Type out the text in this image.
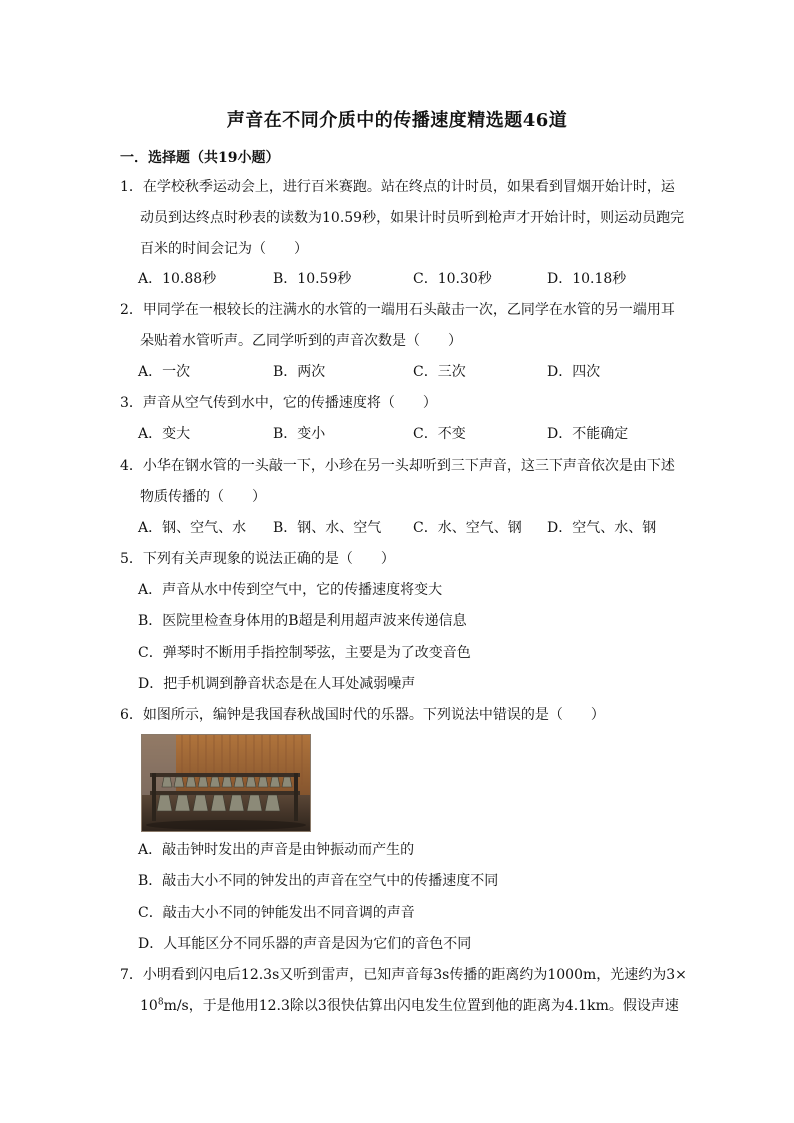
声音在不同介质中的传播速度精选题46道
一．选择题（共19小题）
1．在学校秋季运动会上，进行百米赛跑。站在终点的计时员，如果看到冒烟开始计时，运
动员到达终点时秒表的读数为10.59秒，如果计时员听到枪声才开始计时，则运动员跑完
百米的时间会记为（　　）
A．10.88秒	B．10.59秒	C．10.30秒	D．10.18秒
2．甲同学在一根较长的注满水的水管的一端用石头敲击一次，乙同学在水管的另一端用耳
朵贴着水管听声。乙同学听到的声音次数是（　　）
A．一次	B．两次	C．三次	D．四次
3．声音从空气传到水中，它的传播速度将（　　）
A．变大	B．变小	C．不变	D．不能确定
4．小华在钢水管的一头敲一下，小珍在另一头却听到三下声音，这三下声音依次是由下述
物质传播的（　　）
A．钢、空气、水 B．钢、水、空气 C．水、空气、钢 D．空气、水、钢
5．下列有关声现象的说法正确的是（　　）
A．声音从水中传到空气中，它的传播速度将变大
B．医院里检查身体用的B超是利用超声波来传递信息
C．弹琴时不断用手指控制琴弦，主要是为了改变音色
D．把手机调到静音状态是在人耳处减弱噪声
6．如图所示，编钟是我国春秋战国时代的乐器。下列说法中错误的是（　　）
A．敲击钟时发出的声音是由钟振动而产生的
B．敲击大小不同的钟发出的声音在空气中的传播速度不同
C．敲击大小不同的钟能发出不同音调的声音
D．人耳能区分不同乐器的声音是因为它们的音色不同
7．小明看到闪电后12.3s又听到雷声，已知声音每3s传播的距离约为1000m，光速约为3×
$10^8m/s$，于是他用12.3除以3很快估算出闪电发生位置到他的距离为4.1km。假设声速
